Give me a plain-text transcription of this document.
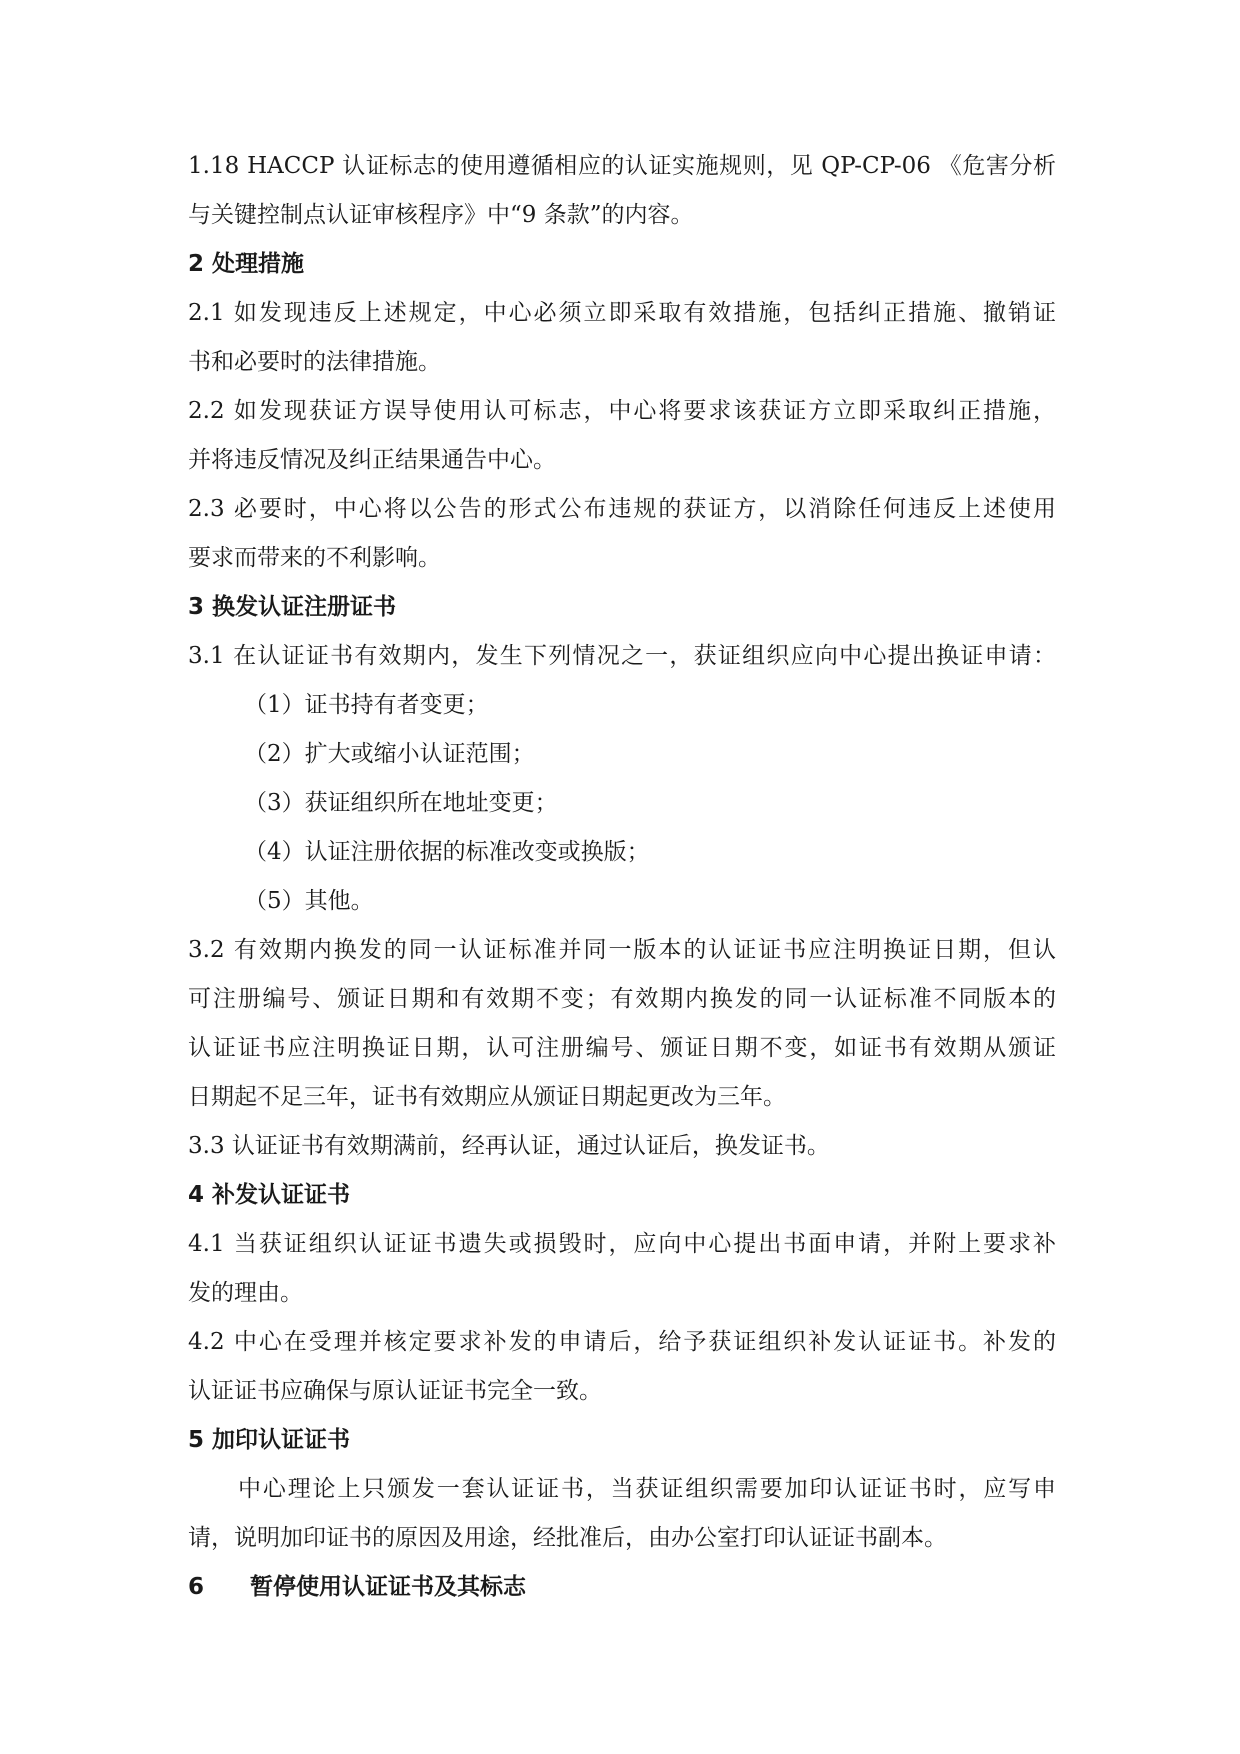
1.18 HACCP 认证标志的使用遵循相应的认证实施规则，见 QP-CP-06 《危害分析
与关键控制点认证审核程序》中“9 条款”的内容。
2 处理措施
2.1 如发现违反上述规定，中心必须立即采取有效措施，包括纠正措施、撤销证
书和必要时的法律措施。
2.2 如发现获证方误导使用认可标志，中心将要求该获证方立即采取纠正措施，
并将违反情况及纠正结果通告中心。
2.3 必要时，中心将以公告的形式公布违规的获证方，以消除任何违反上述使用
要求而带来的不利影响。
3 换发认证注册证书
3.1 在认证证书有效期内，发生下列情况之一，获证组织应向中心提出换证申请：
（1）证书持有者变更；
（2）扩大或缩小认证范围；
（3）获证组织所在地址变更；
（4）认证注册依据的标准改变或换版；
（5）其他。
3.2 有效期内换发的同一认证标准并同一版本的认证证书应注明换证日期，但认
可注册编号、颁证日期和有效期不变；有效期内换发的同一认证标准不同版本的
认证证书应注明换证日期，认可注册编号、颁证日期不变，如证书有效期从颁证
日期起不足三年，证书有效期应从颁证日期起更改为三年。
3.3 认证证书有效期满前，经再认证，通过认证后，换发证书。
4 补发认证证书
4.1 当获证组织认证证书遗失或损毁时，应向中心提出书面申请，并附上要求补
发的理由。
4.2 中心在受理并核定要求补发的申请后，给予获证组织补发认证证书。补发的
认证证书应确保与原认证证书完全一致。
5 加印认证证书
中心理论上只颁发一套认证证书，当获证组织需要加印认证证书时，应写申
请，说明加印证书的原因及用途，经批准后，由办公室打印认证证书副本。
6 暂停使用认证证书及其标志
